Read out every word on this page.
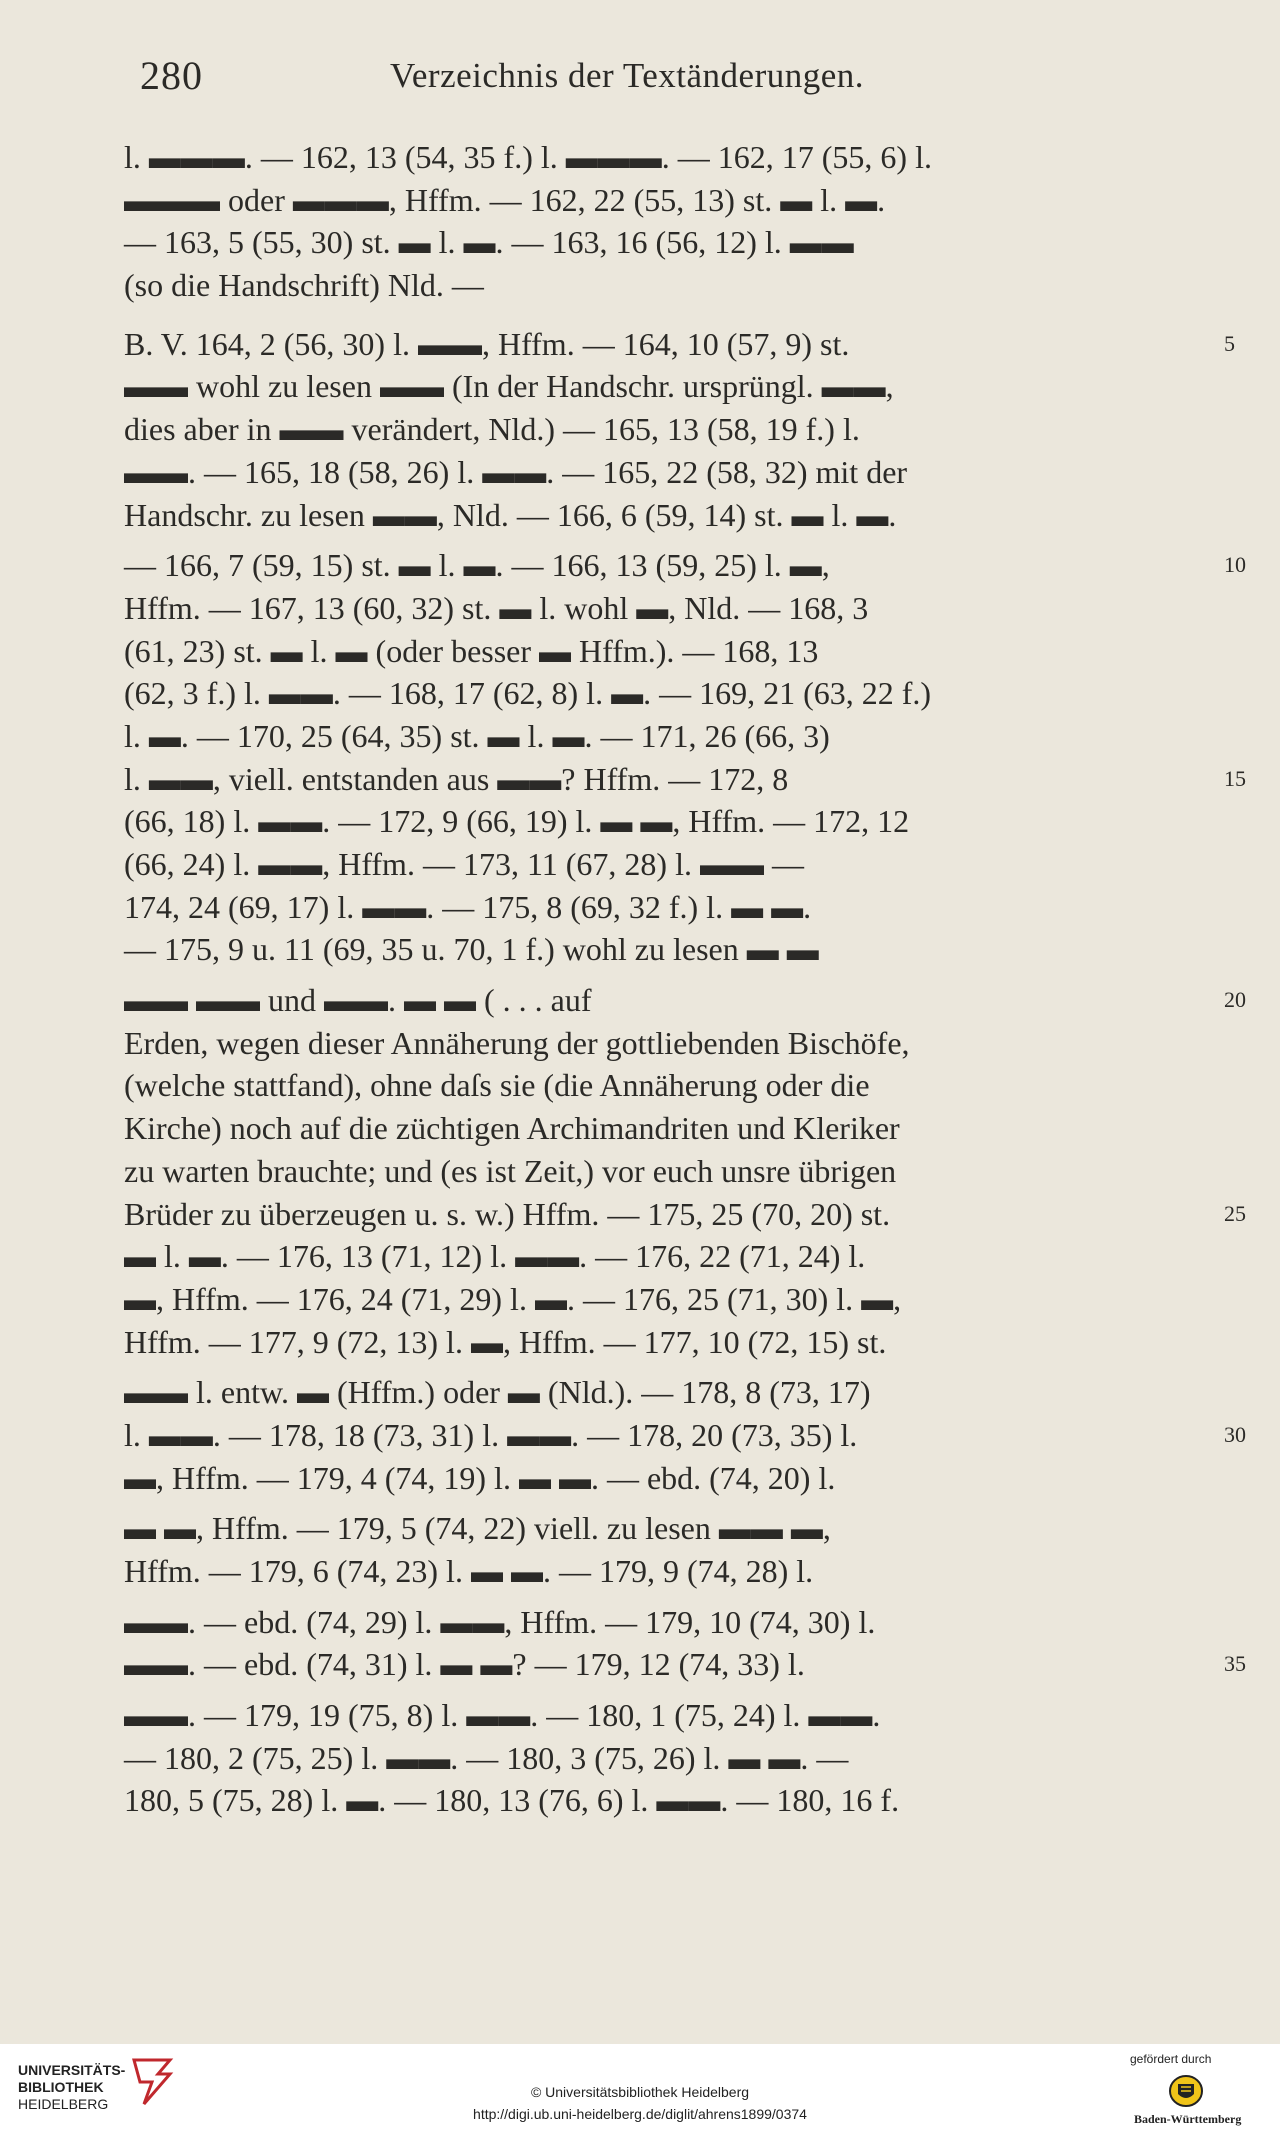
280	Verzeichnis der Textänderungen.
l. ▬▬▬. — 162, 13 (54, 35 f.) l. ▬▬▬. — 162, 17 (55, 6) l.
▬▬▬ oder ▬▬▬, Hffm. — 162, 22 (55, 13) st. ▬ l. ▬.
— 163, 5 (55, 30) st. ▬ l. ▬. — 163, 16 (56, 12) l. ▬▬
(so die Handschrift) Nld. —
B. V. 164, 2 (56, 30) l. ▬▬, Hffm. — 164, 10 (57, 9) st.	5
▬▬ wohl zu lesen ▬▬ (In der Handschr. ursprüngl. ▬▬,
dies aber in ▬▬ verändert, Nld.) — 165, 13 (58, 19 f.) l.
▬▬. — 165, 18 (58, 26) l. ▬▬. — 165, 22 (58, 32) mit der
Handschr. zu lesen ▬▬, Nld. — 166, 6 (59, 14) st. ▬ l. ▬.
— 166, 7 (59, 15) st. ▬ l. ▬. — 166, 13 (59, 25) l. ▬,	10
Hffm. — 167, 13 (60, 32) st. ▬ l. wohl ▬, Nld. — 168, 3
(61, 23) st. ▬ l. ▬ (oder besser ▬ Hffm.). — 168, 13
(62, 3 f.) l. ▬▬. — 168, 17 (62, 8) l. ▬. — 169, 21 (63, 22 f.)
l. ▬. — 170, 25 (64, 35) st. ▬ l. ▬. — 171, 26 (66, 3)
l. ▬▬, viell. entstanden aus ▬▬? Hffm. — 172, 8	15
(66, 18) l. ▬▬. — 172, 9 (66, 19) l. ▬ ▬, Hffm. — 172, 12
(66, 24) l. ▬▬, Hffm. — 173, 11 (67, 28) l. ▬▬ —
174, 24 (69, 17) l. ▬▬. — 175, 8 (69, 32 f.) l. ▬ ▬.
— 175, 9 u. 11 (69, 35 u. 70, 1 f.) wohl zu lesen ▬ ▬
▬▬ ▬▬ und ▬▬. ▬ ▬ ( . . . auf	20
Erden, wegen dieser Annäherung der gottliebenden Bischöfe,
(welche stattfand), ohne daſs sie (die Annäherung oder die
Kirche) noch auf die züchtigen Archimandriten und Kleriker
zu warten brauchte; und (es ist Zeit,) vor euch unsre übrigen
Brüder zu überzeugen u. s. w.) Hffm. — 175, 25 (70, 20) st.	25
▬ l. ▬. — 176, 13 (71, 12) l. ▬▬. — 176, 22 (71, 24) l.
▬, Hffm. — 176, 24 (71, 29) l. ▬. — 176, 25 (71, 30) l. ▬,
Hffm. — 177, 9 (72, 13) l. ▬, Hffm. — 177, 10 (72, 15) st.
▬▬ l. entw. ▬ (Hffm.) oder ▬ (Nld.). — 178, 8 (73, 17)
l. ▬▬. — 178, 18 (73, 31) l. ▬▬. — 178, 20 (73, 35) l.	30
▬, Hffm. — 179, 4 (74, 19) l. ▬ ▬. — ebd. (74, 20) l.
▬ ▬, Hffm. — 179, 5 (74, 22) viell. zu lesen ▬▬ ▬,
Hffm. — 179, 6 (74, 23) l. ▬ ▬. — 179, 9 (74, 28) l.
▬▬. — ebd. (74, 29) l. ▬▬, Hffm. — 179, 10 (74, 30) l.
▬▬. — ebd. (74, 31) l. ▬ ▬? — 179, 12 (74, 33) l.	35
▬▬. — 179, 19 (75, 8) l. ▬▬. — 180, 1 (75, 24) l. ▬▬.
— 180, 2 (75, 25) l. ▬▬. — 180, 3 (75, 26) l. ▬ ▬. —
180, 5 (75, 28) l. ▬. — 180, 13 (76, 6) l. ▬▬. — 180, 16 f.
UNIVERSITÄTS-
BIBLIOTHEK
HEIDELBERG
© Universitätsbibliothek Heidelberg
http://digi.ub.uni-heidelberg.de/diglit/ahrens1899/0374
gefördert durch
Baden-Württemberg
